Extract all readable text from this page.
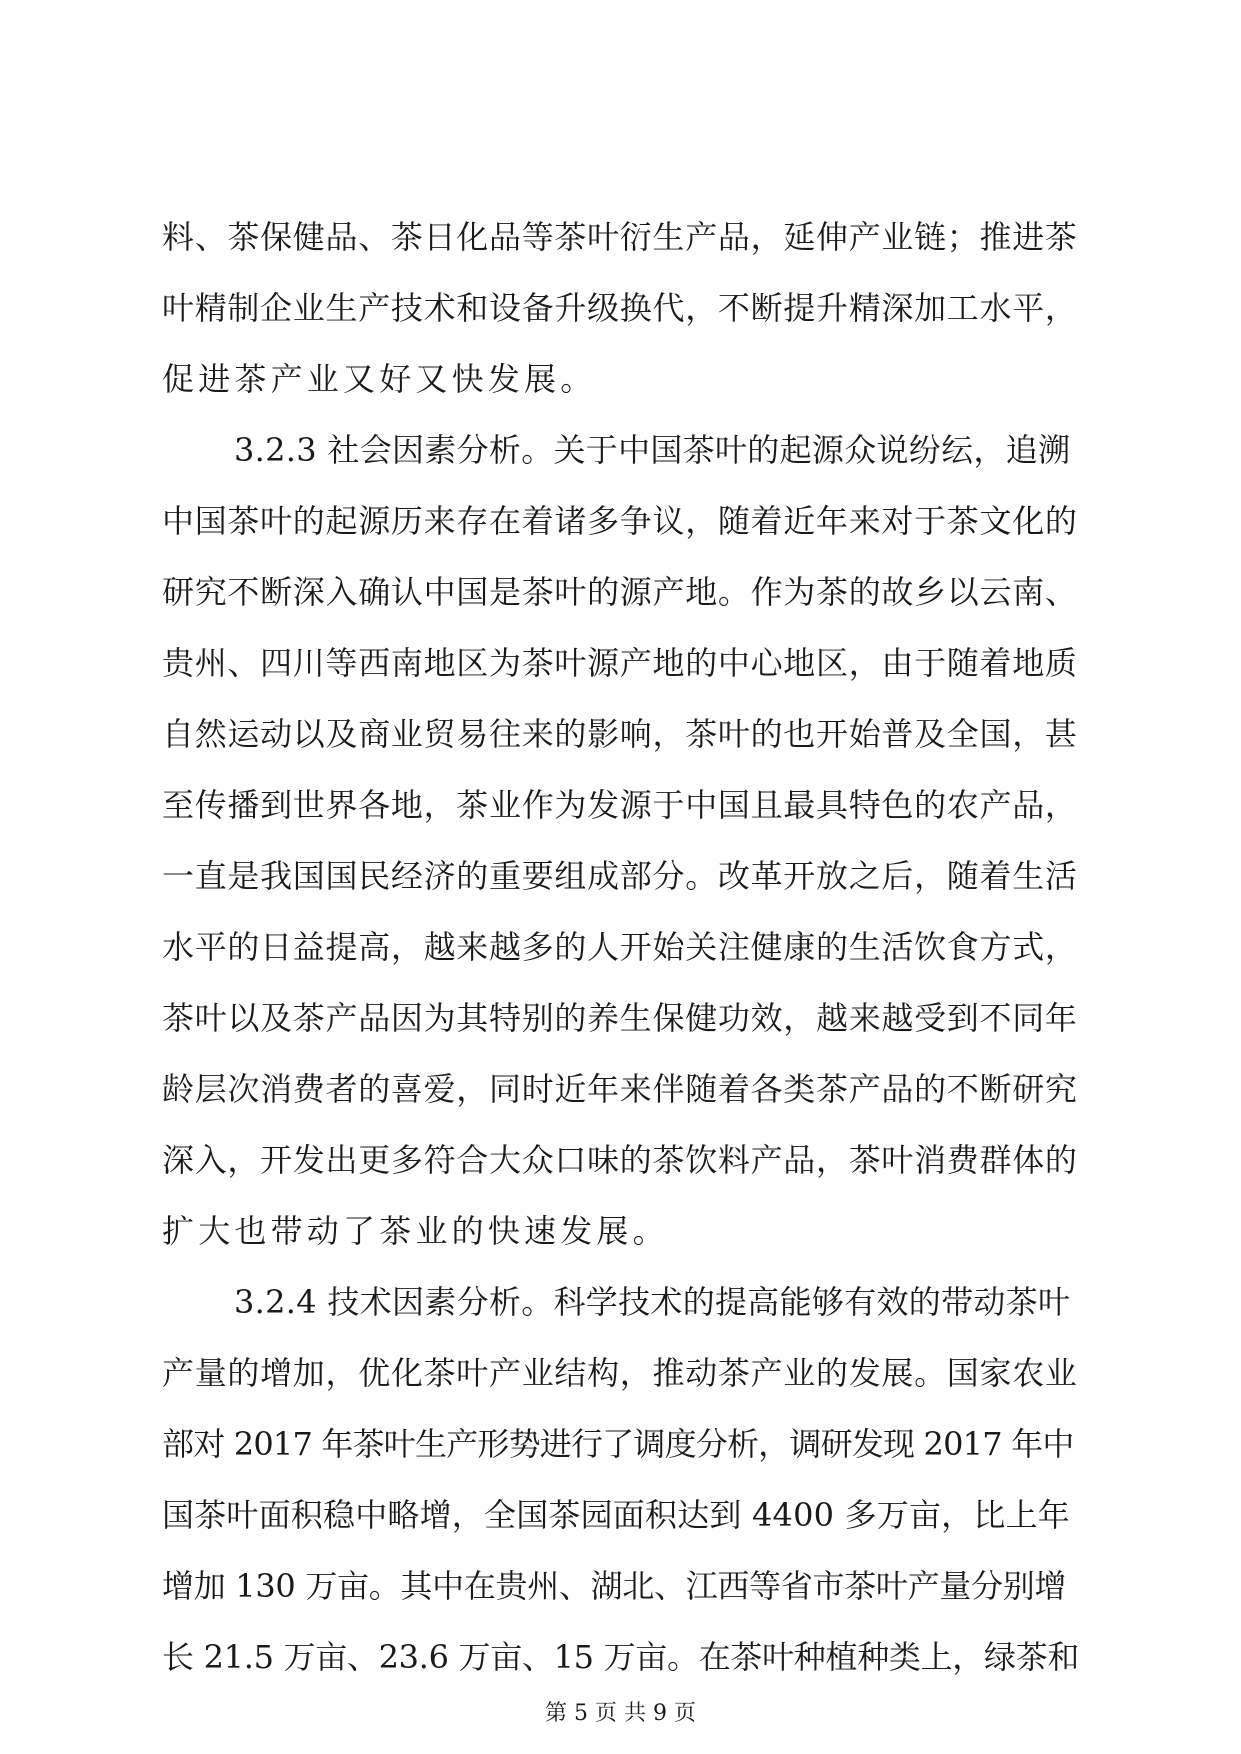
料、茶保健品、茶日化品等茶叶衍生产品，延伸产业链；推进茶
叶精制企业生产技术和设备升级换代，不断提升精深加工水平，
促进茶产业又好又快发展。
3.2.3 社会因素分析。关于中国茶叶的起源众说纷纭，追溯
中国茶叶的起源历来存在着诸多争议，随着近年来对于茶文化的
研究不断深入确认中国是茶叶的源产地。作为茶的故乡以云南、
贵州、四川等西南地区为茶叶源产地的中心地区，由于随着地质
自然运动以及商业贸易往来的影响，茶叶的也开始普及全国，甚
至传播到世界各地，茶业作为发源于中国且最具特色的农产品，
一直是我国国民经济的重要组成部分。改革开放之后，随着生活
水平的日益提高，越来越多的人开始关注健康的生活饮食方式，
茶叶以及茶产品因为其特别的养生保健功效，越来越受到不同年
龄层次消费者的喜爱，同时近年来伴随着各类茶产品的不断研究
深入，开发出更多符合大众口味的茶饮料产品，茶叶消费群体的
扩大也带动了茶业的快速发展。
3.2.4 技术因素分析。科学技术的提高能够有效的带动茶叶
产量的增加，优化茶叶产业结构，推动茶产业的发展。国家农业
部对 2017 年茶叶生产形势进行了调度分析，调研发现 2017 年中
国茶叶面积稳中略增，全国茶园面积达到 4400 多万亩，比上年
增加 130 万亩。其中在贵州、湖北、江西等省市茶叶产量分别增
长 21.5 万亩、23.6 万亩、15 万亩。在茶叶种植种类上，绿茶和
第 5 页 共 9 页
